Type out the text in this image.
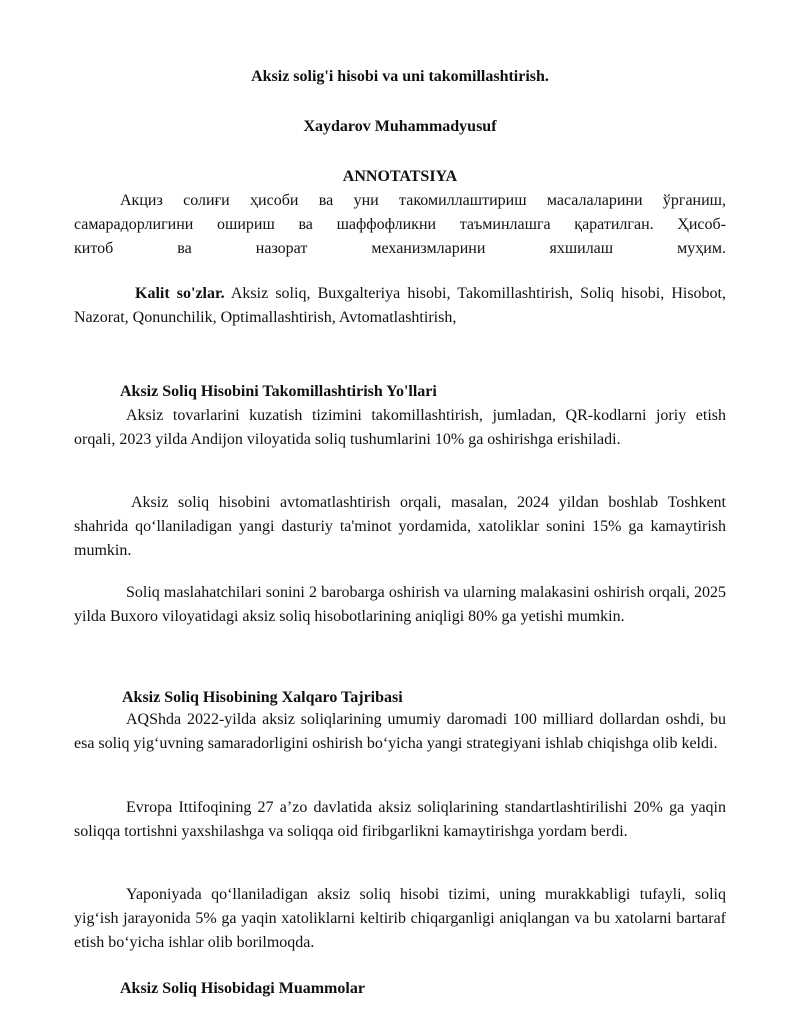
Aksiz solig'i hisobi va uni takomillashtirish.
Xaydarov Muhammadyusuf
ANNOTATSIYA
Акциз солиғи ҳисоби ва уни такомиллаштириш масалаларини ўрганиш,
самарадорлигини ошириш ва шаффофликни таъминлашга қаратилган. Ҳисоб-
китоб	ва	назорат	механизмларини	яхшилаш	муҳим.
Kalit so'zlar. Aksiz soliq, Buxgalteriya hisobi, Takomillashtirish, Soliq hisobi, Hisobot, Nazorat, Qonunchilik, Optimallashtirish, Avtomatlashtirish,
Aksiz Soliq Hisobini Takomillashtirish Yo'llari
Aksiz tovarlarini kuzatish tizimini takomillashtirish, jumladan, QR-kodlarni joriy etish orqali, 2023 yilda Andijon viloyatida soliq tushumlarini 10% ga oshirishga erishiladi.
Aksiz soliq hisobini avtomatlashtirish orqali, masalan, 2024 yildan boshlab Toshkent shahrida qo‘llaniladigan yangi dasturiy ta'minot yordamida, xatoliklar sonini 15% ga kamaytirish mumkin.
Soliq maslahatchilari sonini 2 barobarga oshirish va ularning malakasini oshirish orqali, 2025 yilda Buxoro viloyatidagi aksiz soliq hisobotlarining aniqligi 80% ga yetishi mumkin.
Aksiz Soliq Hisobining Xalqaro Tajribasi
AQShda 2022-yilda aksiz soliqlarining umumiy daromadi 100 milliard dollardan oshdi, bu esa soliq yig‘uvning samaradorligini oshirish bo‘yicha yangi strategiyani ishlab chiqishga olib keldi.
Evropa Ittifoqining 27 a’zo davlatida aksiz soliqlarining standartlashtirilishi 20% ga yaqin soliqqa tortishni yaxshilashga va soliqqa oid firibgarlikni kamaytirishga yordam berdi.
Yaponiyada qo‘llaniladigan aksiz soliq hisobi tizimi, uning murakkabligi tufayli, soliq yig‘ish jarayonida 5% ga yaqin xatoliklarni keltirib chiqarganligi aniqlangan va bu xatolarni bartaraf etish bo‘yicha ishlar olib borilmoqda.
Aksiz Soliq Hisobidagi Muammolar
